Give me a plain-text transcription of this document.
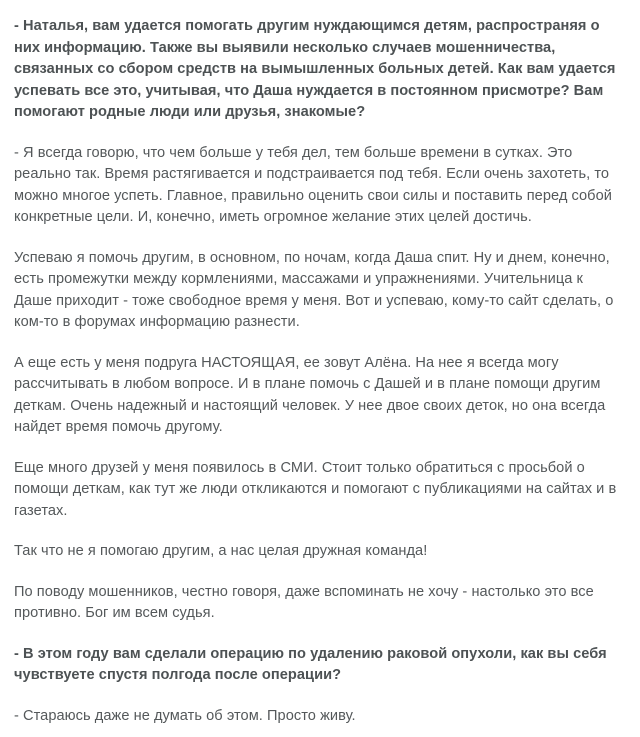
- Наталья, вам удается помогать другим нуждающимся детям, распространяя о них информацию. Также вы выявили несколько случаев мошенничества, связанных со сбором средств на вымышленных больных детей. Как вам удается успевать все это, учитывая, что Даша нуждается в постоянном присмотре? Вам помогают родные люди или друзья, знакомые?

- Я всегда говорю, что чем больше у тебя дел, тем больше времени в сутках. Это реально так. Время растягивается и подстраивается под тебя. Если очень захотеть, то можно многое успеть. Главное, правильно оценить свои силы и поставить перед собой конкретные цели. И, конечно, иметь огромное желание этих целей достичь.

Успеваю я помочь другим, в основном, по ночам, когда Даша спит. Ну и днем, конечно, есть промежутки между кормлениями, массажами и упражнениями. Учительница к Даше приходит - тоже свободное время у меня. Вот и успеваю, кому-то сайт сделать, о ком-то в форумах информацию разнести.

А еще есть у меня подруга НАСТОЯЩАЯ, ее зовут Алёна. На нее я всегда могу рассчитывать в любом вопросе. И в плане помочь с Дашей и в плане помощи другим деткам. Очень надежный и настоящий человек. У нее двое своих деток, но она всегда найдет время помочь другому.

Еще много друзей у меня появилось в СМИ. Стоит только обратиться с просьбой о помощи деткам, как тут же люди откликаются и помогают с публикациями на сайтах и в газетах.

Так что не я помогаю другим, а нас целая дружная команда!

По поводу мошенников, честно говоря, даже вспоминать не хочу - настолько это все противно. Бог им всем судья.

- В этом году вам сделали операцию по удалению раковой опухоли, как вы себя чувствуете спустя полгода после операции?

- Стараюсь даже не думать об этом. Просто живу.
